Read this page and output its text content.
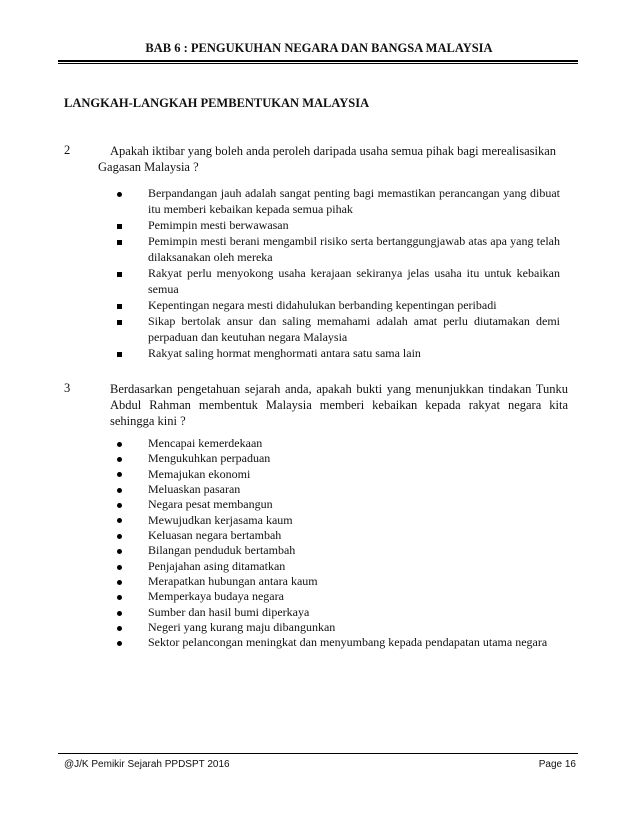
BAB 6 : PENGUKUHAN NEGARA DAN BANGSA MALAYSIA
LANGKAH-LANGKAH PEMBENTUKAN MALAYSIA
2	Apakah iktibar yang boleh anda peroleh daripada usaha semua pihak bagi merealisasikan Gagasan Malaysia ?
Berpandangan jauh adalah sangat penting bagi memastikan perancangan yang dibuat itu memberi kebaikan kepada semua pihak
Pemimpin mesti berwawasan
Pemimpin mesti berani mengambil risiko serta bertanggungjawab atas apa yang telah dilaksanakan oleh mereka
Rakyat perlu menyokong usaha kerajaan sekiranya jelas usaha itu untuk kebaikan semua
Kepentingan negara mesti didahulukan berbanding kepentingan peribadi
Sikap bertolak ansur dan saling memahami adalah amat perlu diutamakan demi perpaduan dan keutuhan negara Malaysia
Rakyat saling hormat menghormati antara satu sama lain
3	Berdasarkan pengetahuan sejarah anda, apakah bukti yang menunjukkan tindakan Tunku Abdul Rahman membentuk Malaysia memberi kebaikan kepada rakyat negara kita sehingga kini ?
Mencapai kemerdekaan
Mengukuhkan perpaduan
Memajukan ekonomi
Meluaskan pasaran
Negara pesat membangun
Mewujudkan kerjasama kaum
Keluasan negara bertambah
Bilangan penduduk bertambah
Penjajahan asing ditamatkan
Merapatkan hubungan antara kaum
Memperkaya budaya negara
Sumber dan hasil bumi diperkaya
Negeri yang kurang maju dibangunkan
Sektor pelancongan meningkat dan menyumbang kepada pendapatan utama negara
@J/K Pemikir Sejarah PPDSPT 2016	Page 16
